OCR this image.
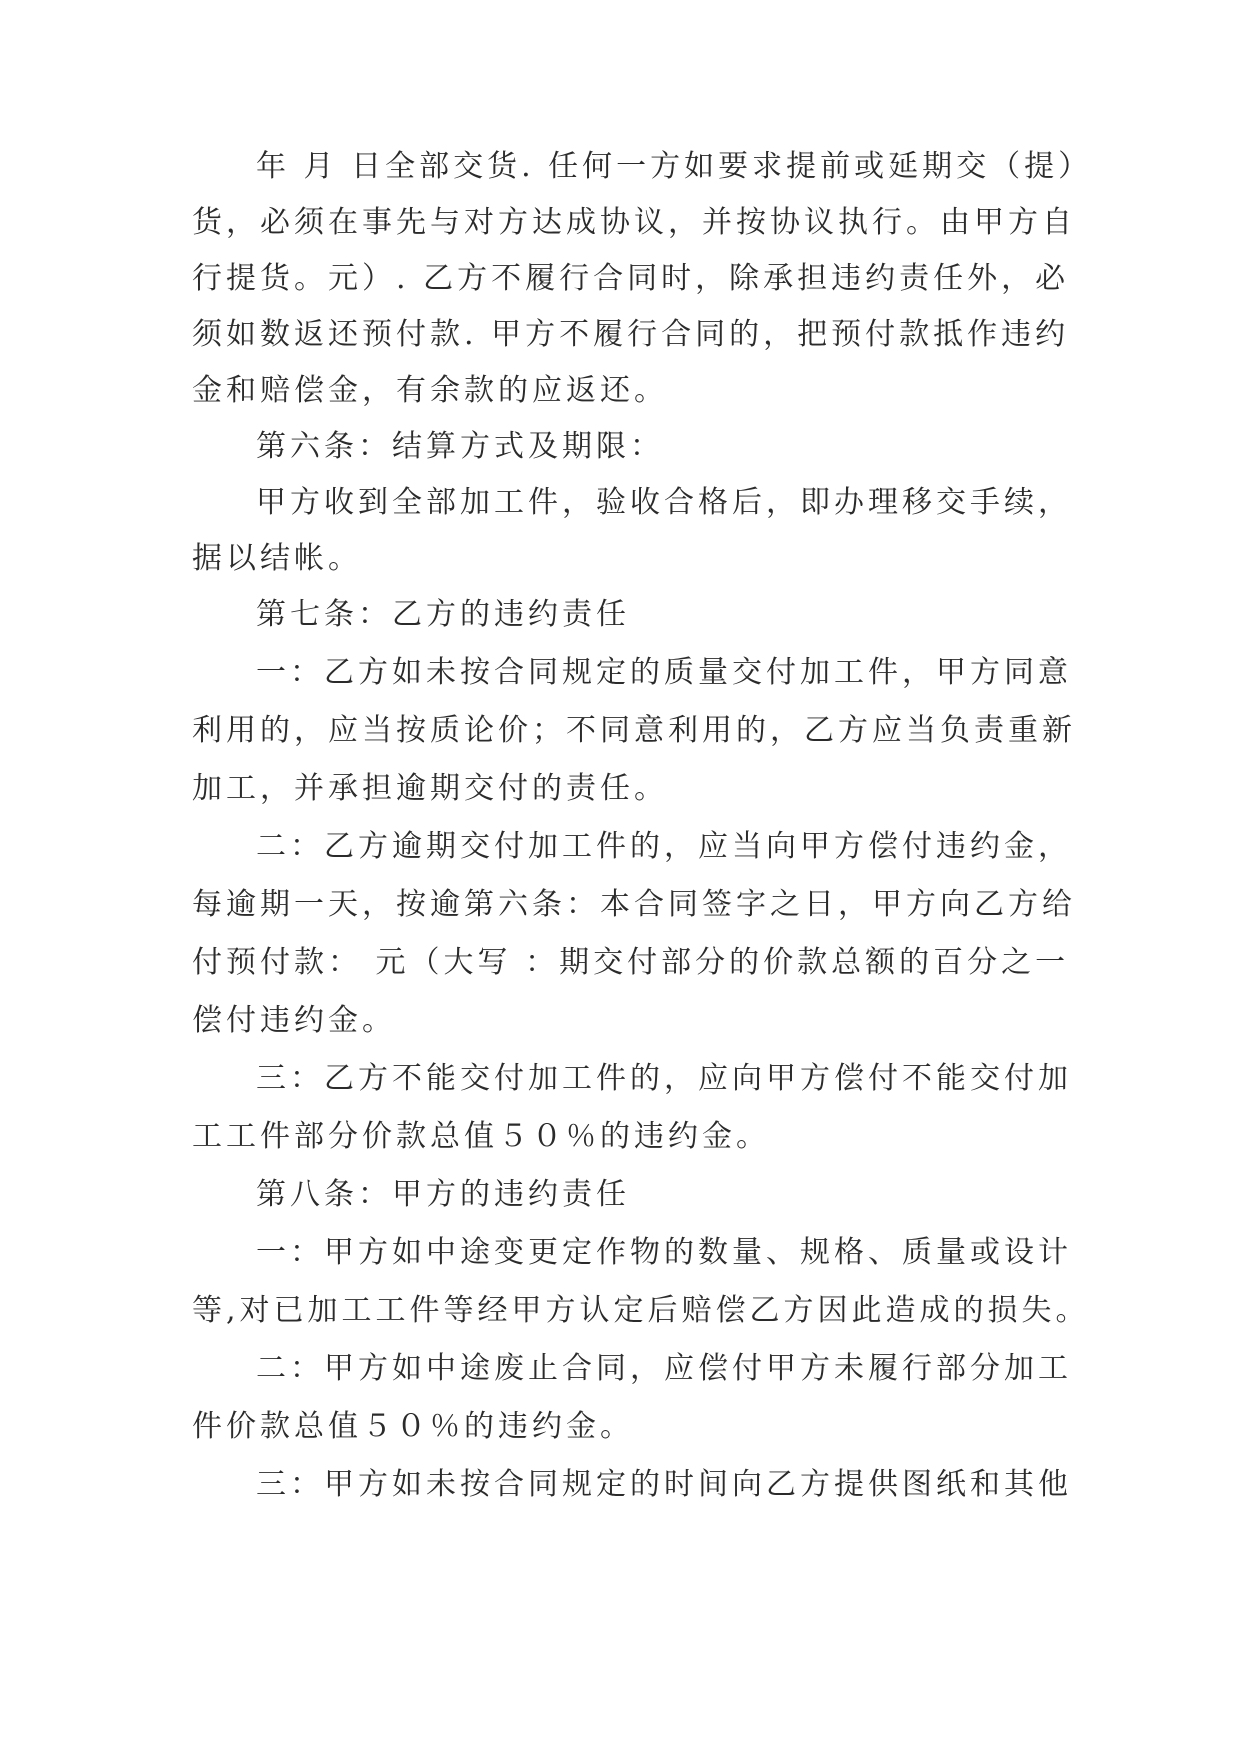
年 月 日全部交货. 任何一方如要求提前或延期交（提）
货，必须在事先与对方达成协议，并按协议执行。由甲方自
行提货。元）. 乙方不履行合同时，除承担违约责任外，必
须如数返还预付款. 甲方不履行合同的，把预付款抵作违约
金和赔偿金，有余款的应返还。
第六条：结算方式及期限：
甲方收到全部加工件，验收合格后，即办理移交手续，
据以结帐。
第七条：乙方的违约责任
一：乙方如未按合同规定的质量交付加工件，甲方同意
利用的，应当按质论价；不同意利用的，乙方应当负责重新
加工，并承担逾期交付的责任。
二：乙方逾期交付加工件的，应当向甲方偿付违约金，
每逾期一天，按逾第六条：本合同签字之日，甲方向乙方给
付预付款： 元（大写 ：期交付部分的价款总额的百分之一
偿付违约金。
三：乙方不能交付加工件的，应向甲方偿付不能交付加
工工件部分价款总值５０％的违约金。
第八条：甲方的违约责任
一：甲方如中途变更定作物的数量、规格、质量或设计
等,对已加工工件等经甲方认定后赔偿乙方因此造成的损失。
二：甲方如中途废止合同，应偿付甲方未履行部分加工
件价款总值５０％的违约金。
三：甲方如未按合同规定的时间向乙方提供图纸和其他
